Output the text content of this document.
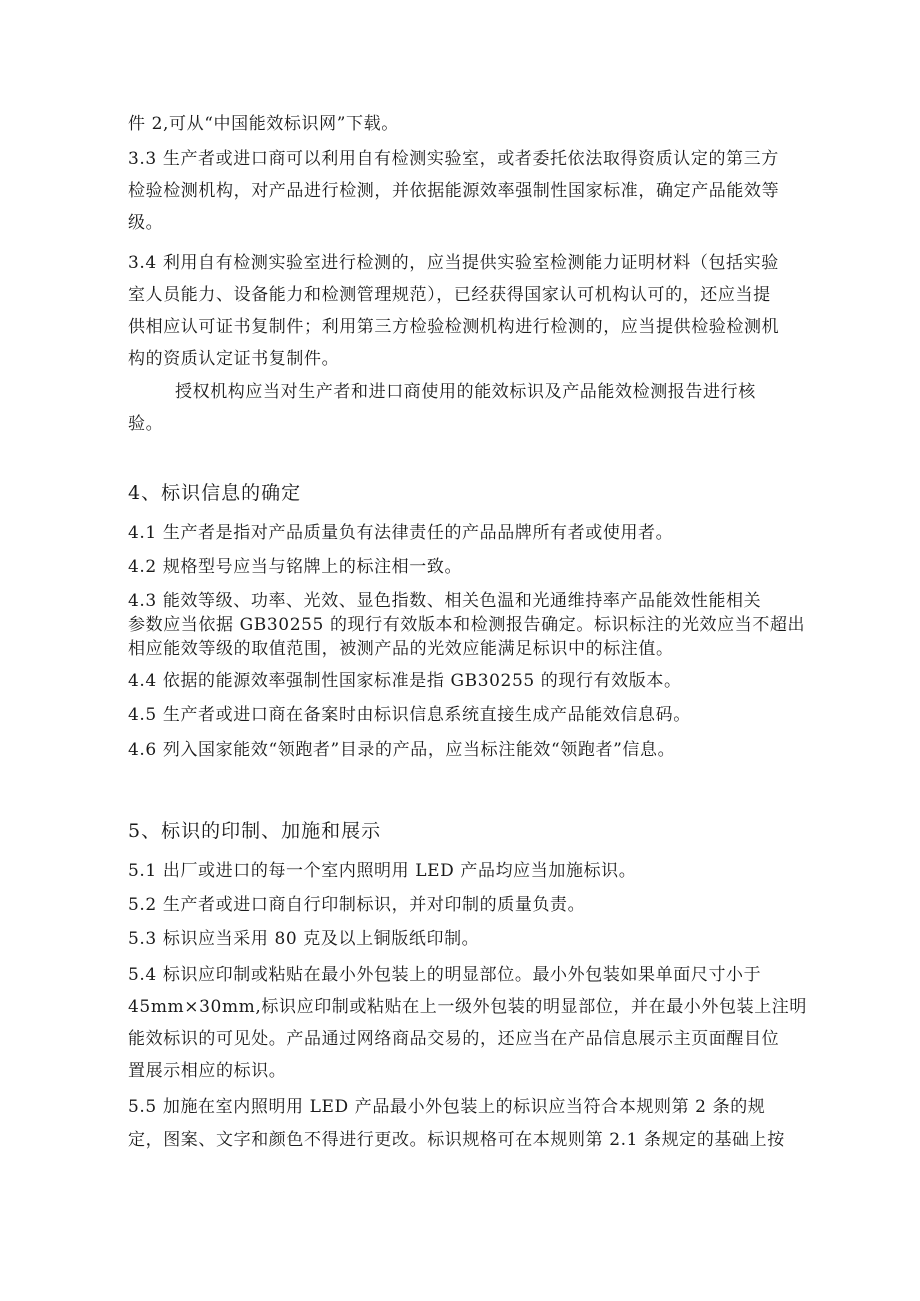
件 2,可从“中国能效标识网”下载。
3.3 生产者或进口商可以利用自有检测实验室，或者委托依法取得资质认定的第三方
检验检测机构，对产品进行检测，并依据能源效率强制性国家标准，确定产品能效等
级。
3.4 利用自有检测实验室进行检测的，应当提供实验室检测能力证明材料（包括实验
室人员能力、设备能力和检测管理规范），已经获得国家认可机构认可的，还应当提
供相应认可证书复制件；利用第三方检验检测机构进行检测的，应当提供检验检测机
构的资质认定证书复制件。
授权机构应当对生产者和进口商使用的能效标识及产品能效检测报告进行核
验。
4、标识信息的确定
4.1 生产者是指对产品质量负有法律责任的产品品牌所有者或使用者。
4.2 规格型号应当与铭牌上的标注相一致。
4.3 能效等级、功率、光效、显色指数、相关色温和光通维持率产品能效性能相关
参数应当依据 GB30255 的现行有效版本和检测报告确定。标识标注的光效应当不超出
相应能效等级的取值范围，被测产品的光效应能满足标识中的标注值。
4.4 依据的能源效率强制性国家标准是指 GB30255 的现行有效版本。
4.5 生产者或进口商在备案时由标识信息系统直接生成产品能效信息码。
4.6 列入国家能效“领跑者”目录的产品，应当标注能效“领跑者”信息。
5、标识的印制、加施和展示
5.1 出厂或进口的每一个室内照明用 LED 产品均应当加施标识。
5.2 生产者或进口商自行印制标识，并对印制的质量负责。
5.3 标识应当采用 80 克及以上铜版纸印制。
5.4 标识应印制或粘贴在最小外包装上的明显部位。最小外包装如果单面尺寸小于
45mm×30mm,标识应印制或粘贴在上一级外包装的明显部位，并在最小外包装上注明
能效标识的可见处。产品通过网络商品交易的，还应当在产品信息展示主页面醒目位
置展示相应的标识。
5.5 加施在室内照明用 LED 产品最小外包装上的标识应当符合本规则第 2 条的规
定，图案、文字和颜色不得进行更改。标识规格可在本规则第 2.1 条规定的基础上按
